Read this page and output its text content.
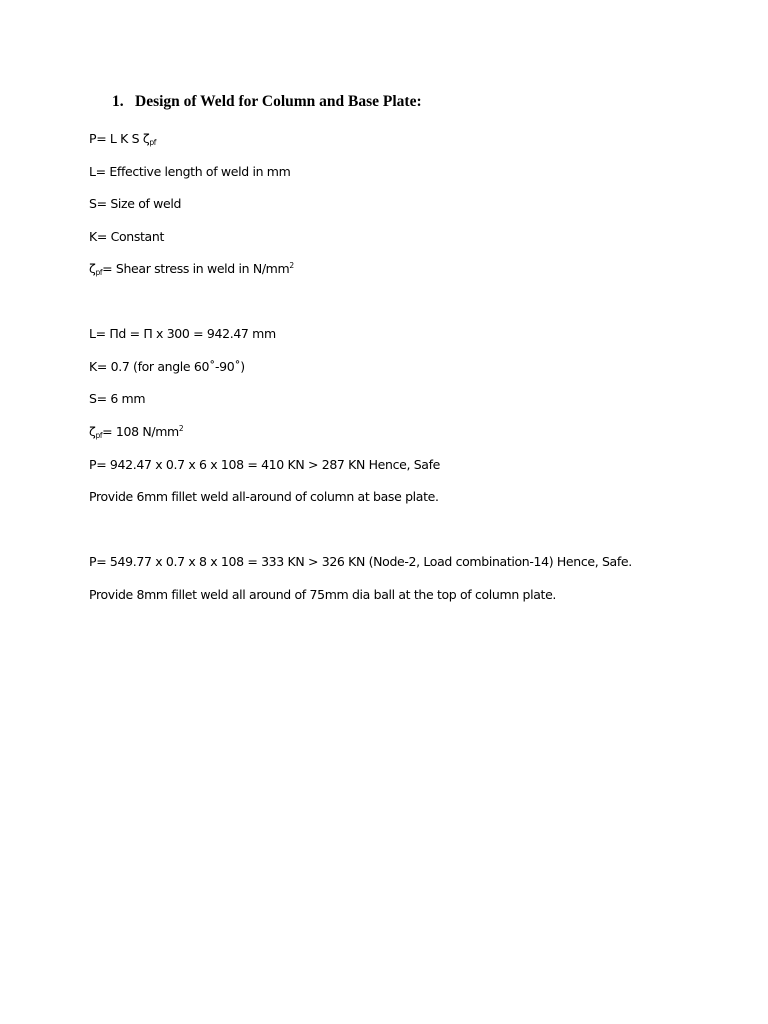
1. Design of Weld for Column and Base Plate:
P= L K S $\zeta_{pf}$
L= Effective length of weld in mm
S= Size of weld
K= Constant
$\zeta_{pf}=$ Shear stress in weld in $N/mm^2$
L= Πd = Π x 300 = 942.47 mm
K= 0.7 (for angle 60˚-90˚)
S= 6 mm
$\zeta_{pf}= 108$ $N/mm^2$
P= 942.47 x 0.7 x 6 x 108 = 410 KN > 287 KN Hence, Safe
Provide 6mm fillet weld all-around of column at base plate.
P= 549.77 x 0.7 x 8 x 108 = 333 KN > 326 KN (Node-2, Load combination-14) Hence, Safe.
Provide 8mm fillet weld all around of 75mm dia ball at the top of column plate.
